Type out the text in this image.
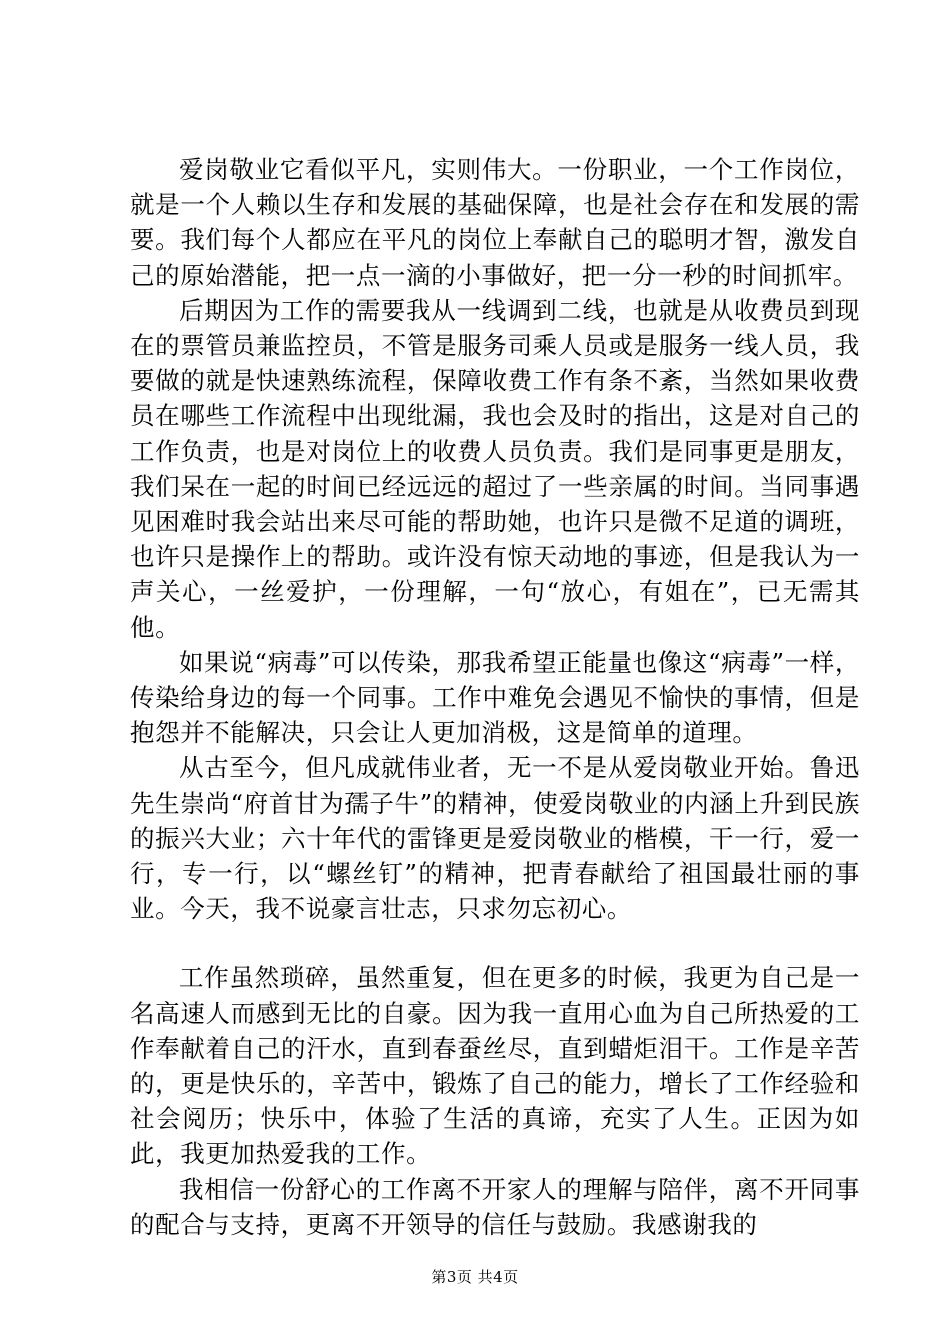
爱岗敬业它看似平凡，实则伟大。一份职业，一个工作岗位，就是一个人赖以生存和发展的基础保障，也是社会存在和发展的需要。我们每个人都应在平凡的岗位上奉献自己的聪明才智，激发自己的原始潜能，把一点一滴的小事做好，把一分一秒的时间抓牢。

后期因为工作的需要我从一线调到二线，也就是从收费员到现在的票管员兼监控员，不管是服务司乘人员或是服务一线人员，我要做的就是快速熟练流程，保障收费工作有条不紊，当然如果收费员在哪些工作流程中出现纰漏，我也会及时的指出，这是对自己的工作负责，也是对岗位上的收费人员负责。我们是同事更是朋友，我们呆在一起的时间已经远远的超过了一些亲属的时间。当同事遇见困难时我会站出来尽可能的帮助她，也许只是微不足道的调班，也许只是操作上的帮助。或许没有惊天动地的事迹，但是我认为一声关心，一丝爱护，一份理解，一句“放心，有姐在”，已无需其他。

如果说“病毒”可以传染，那我希望正能量也像这“病毒”一样，传染给身边的每一个同事。工作中难免会遇见不愉快的事情，但是抱怨并不能解决，只会让人更加消极，这是简单的道理。

从古至今，但凡成就伟业者，无一不是从爱岗敬业开始。鲁迅先生崇尚“府首甘为孺子牛”的精神，使爱岗敬业的内涵上升到民族的振兴大业；六十年代的雷锋更是爱岗敬业的楷模，干一行，爱一行，专一行，以“螺丝钉”的精神，把青春献给了祖国最壮丽的事业。今天，我不说豪言壮志，只求勿忘初心。

工作虽然琐碎，虽然重复，但在更多的时候，我更为自己是一名高速人而感到无比的自豪。因为我一直用心血为自己所热爱的工作奉献着自己的汗水，直到春蚕丝尽，直到蜡炬泪干。工作是辛苦的，更是快乐的，辛苦中，锻炼了自己的能力，增长了工作经验和社会阅历；快乐中，体验了生活的真谛，充实了人生。正因为如此，我更加热爱我的工作。

我相信一份舒心的工作离不开家人的理解与陪伴，离不开同事的配合与支持，更离不开领导的信任与鼓励。我感谢我的

第3页 共4页
